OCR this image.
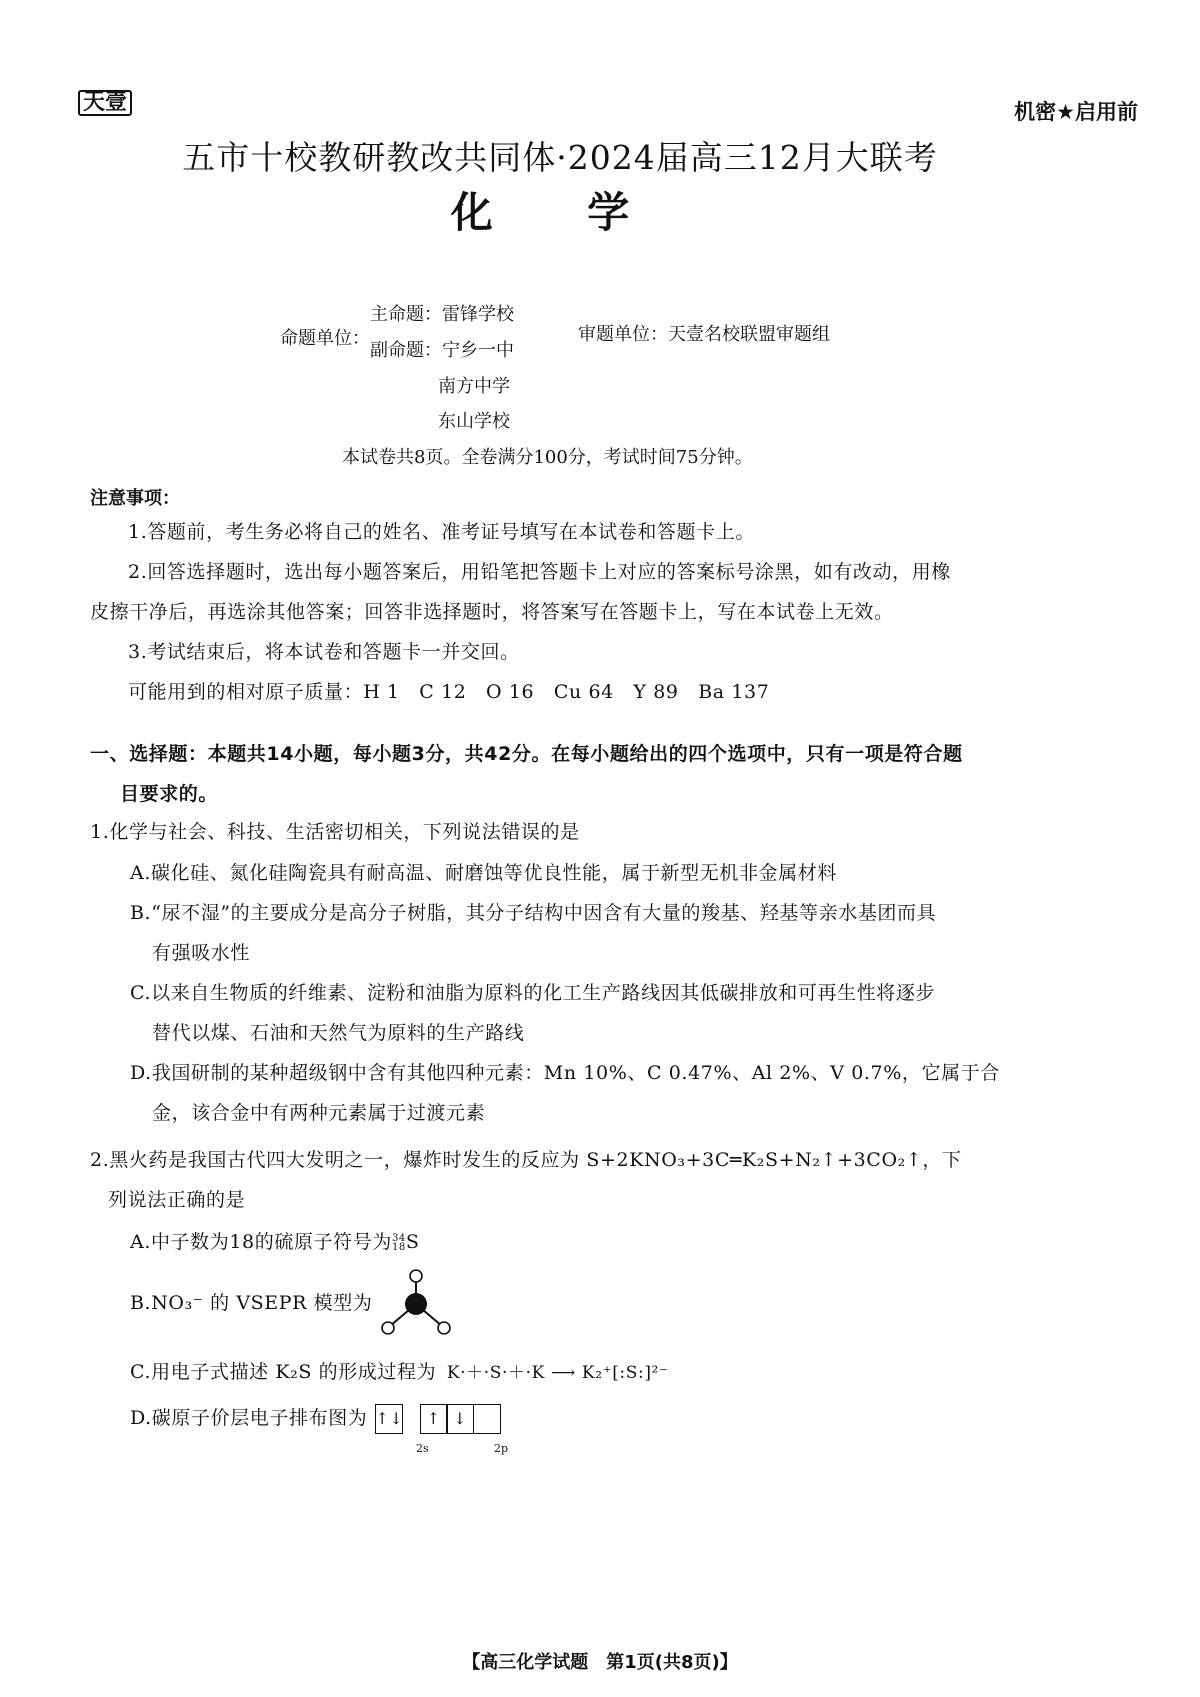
天壹	机密★启用前
五市十校教研教改共同体·2024届高三12月大联考
化 学
主命题：雷锋学校
命题单位：
副命题：宁乡一中
审题单位：天壹名校联盟审题组
南方中学
东山学校
本试卷共8页。全卷满分100分，考试时间75分钟。
注意事项：
1.答题前，考生务必将自己的姓名、准考证号填写在本试卷和答题卡上。
2.回答选择题时，选出每小题答案后，用铅笔把答题卡上对应的答案标号涂黑，如有改动，用橡
皮擦干净后，再选涂其他答案；回答非选择题时，将答案写在答题卡上，写在本试卷上无效。
3.考试结束后，将本试卷和答题卡一并交回。
可能用到的相对原子质量：H 1　C 12　O 16　Cu 64　Y 89　Ba 137
一、选择题：本题共14小题，每小题3分，共42分。在每小题给出的四个选项中，只有一项是符合题
目要求的。
1.化学与社会、科技、生活密切相关，下列说法错误的是
A.碳化硅、氮化硅陶瓷具有耐高温、耐磨蚀等优良性能，属于新型无机非金属材料
B.“尿不湿”的主要成分是高分子树脂，其分子结构中因含有大量的羧基、羟基等亲水基团而具
有强吸水性
C.以来自生物质的纤维素、淀粉和油脂为原料的化工生产路线因其低碳排放和可再生性将逐步
替代以煤、石油和天然气为原料的生产路线
D.我国研制的某种超级钢中含有其他四种元素：Mn 10%、C 0.47%、Al 2%、V 0.7%，它属于合
金，该合金中有两种元素属于过渡元素
2.黑火药是我国古代四大发明之一，爆炸时发生的反应为 S+2KNO₃+3C═K₂S+N₂↑+3CO₂↑，下
列说法正确的是
A.中子数为18的硫原子符号为34
18S
B.NO₃⁻ 的 VSEPR 模型为
C.用电子式描述 K₂S 的形成过程为 K·＋·S·＋·K ⟶ K₂⁺[:S:]²⁻
D.碳原子价层电子排布图为 ↑↓ ↑ ↓
2s	2p
【高三化学试题　第1页(共8页)】
